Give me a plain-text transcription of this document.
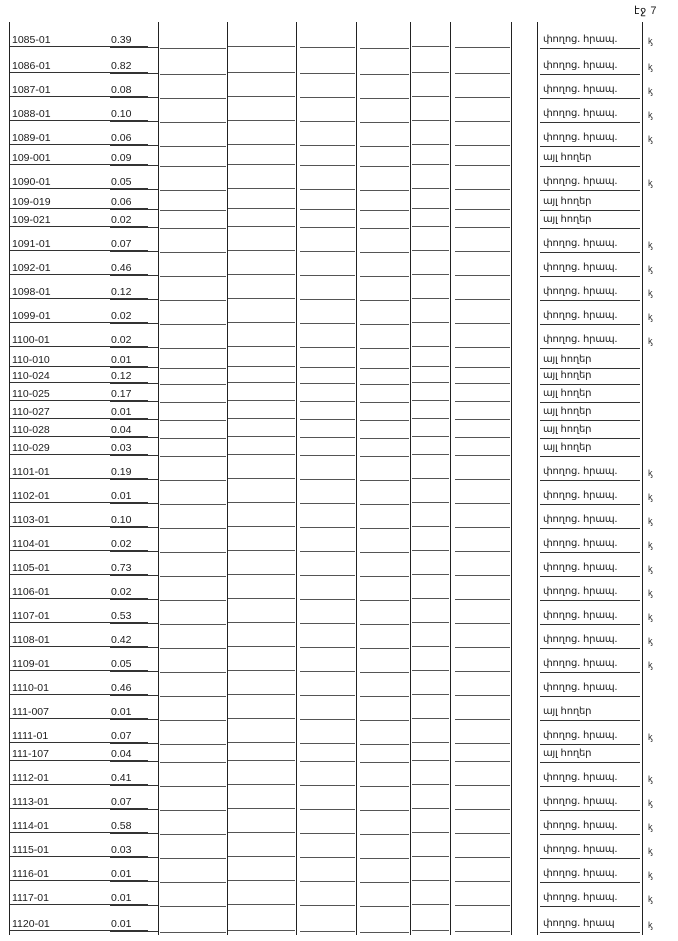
էջ 7
1085-01	0.39	փողոց. հրապ.	ᶄ
1086-01	0.82	փողոց. հրապ.	ᶄ
1087-01	0.08	փողոց. հրապ.	ᶄ
1088-01	0.10	փողոց. հրապ.	ᶄ
1089-01	0.06	փողոց. հրապ.	ᶄ
109-001	0.09	այլ հողեր
1090-01	0.05	փողոց. հրապ.	ᶄ
109-019	0.06	այլ հողեր
109-021	0.02	այլ հողեր
1091-01	0.07	փողոց. հրապ.	ᶄ
1092-01	0.46	փողոց. հրապ.	ᶄ
1098-01	0.12	փողոց. հրապ.	ᶄ
1099-01	0.02	փողոց. հրապ.	ᶄ
1100-01	0.02	փողոց. հրապ.	ᶄ
110-010	0.01	այլ հողեր
110-024	0.12	այլ հողեր
110-025	0.17	այլ հողեր
110-027	0.01	այլ հողեր
110-028	0.04	այլ հողեր
110-029	0.03	այլ հողեր
1101-01	0.19	փողոց. հրապ.	ᶄ
1102-01	0.01	փողոց. հրապ.	ᶄ
1103-01	0.10	փողոց. հրապ.	ᶄ
1104-01	0.02	փողոց. հրապ.	ᶄ
1105-01	0.73	փողոց. հրապ.	ᶄ
1106-01	0.02	փողոց. հրապ.	ᶄ
1107-01	0.53	փողոց. հրապ.	ᶄ
1108-01	0.42	փողոց. հրապ.	ᶄ
1109-01	0.05	փողոց. հրապ.	ᶄ
1110-01	0.46	փողոց. հրապ.
111-007	0.01	այլ հողեր
1111-01	0.07	փողոց. հրապ.	ᶄ
111-107	0.04	այլ հողեր
1112-01	0.41	փողոց. հրապ.	ᶄ
1113-01	0.07	փողոց. հրապ.	ᶄ
1114-01	0.58	փողոց. հրապ.	ᶄ
1115-01	0.03	փողոց. հրապ.	ᶄ
1116-01	0.01	փողոց. հրապ.	ᶄ
1117-01	0.01	փողոց. հրապ.	ᶄ
1120-01	0.01	փողոց. հրապ	ᶄ
